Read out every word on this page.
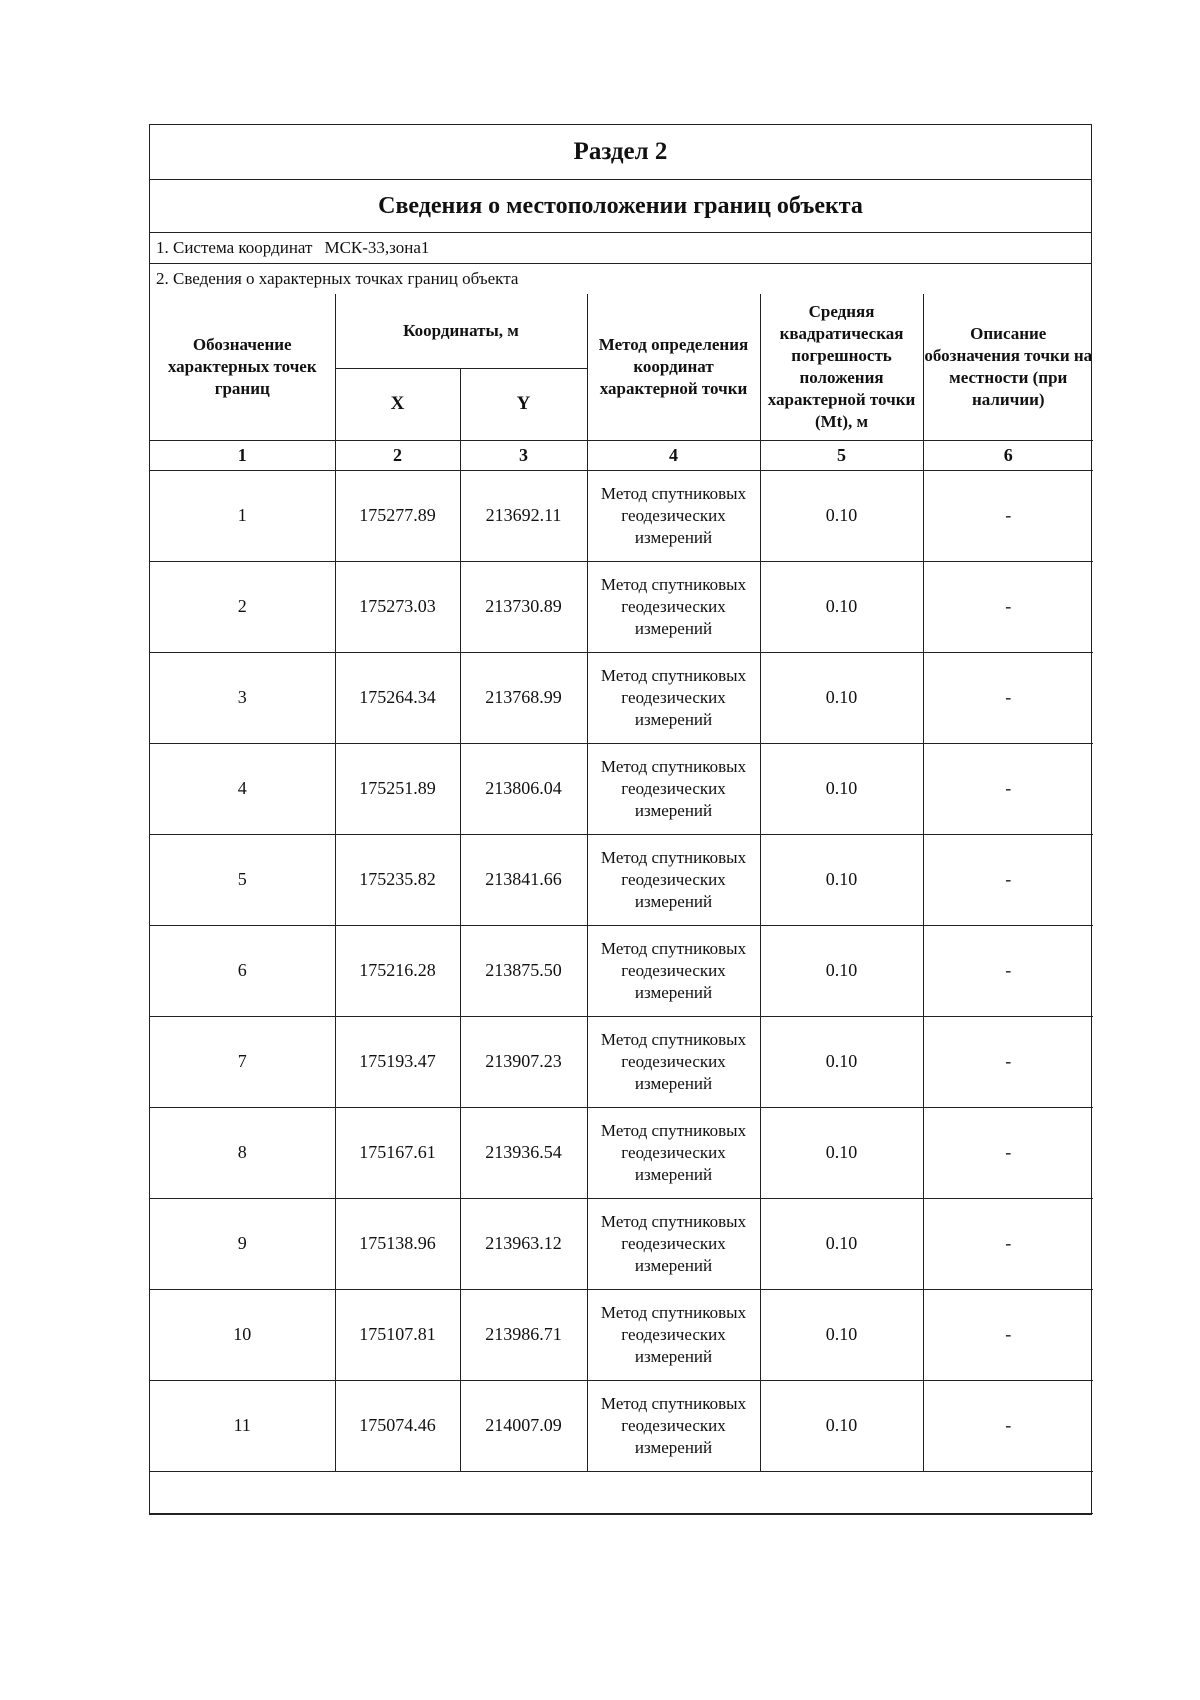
Раздел 2
Сведения о местоположении границ объекта
1. Система координат МСК-33,зона1
2. Сведения о характерных точках границ объекта
Обозначение характерных точек границ	Координаты, м		Метод определения координат характерной точки	Средняя квадратическая погрешность положения характерной точки (Mt), м	Описание обозначения точки на местности (при наличии)
	X	Y			
1	2	3	4	5	6
1	175277.89	213692.11	Метод спутниковых геодезических измерений	0.10	-
2	175273.03	213730.89	Метод спутниковых геодезических измерений	0.10	-
3	175264.34	213768.99	Метод спутниковых геодезических измерений	0.10	-
4	175251.89	213806.04	Метод спутниковых геодезических измерений	0.10	-
5	175235.82	213841.66	Метод спутниковых геодезических измерений	0.10	-
6	175216.28	213875.50	Метод спутниковых геодезических измерений	0.10	-
7	175193.47	213907.23	Метод спутниковых геодезических измерений	0.10	-
8	175167.61	213936.54	Метод спутниковых геодезических измерений	0.10	-
9	175138.96	213963.12	Метод спутниковых геодезических измерений	0.10	-
10	175107.81	213986.71	Метод спутниковых геодезических измерений	0.10	-
11	175074.46	214007.09	Метод спутниковых геодезических измерений	0.10	-
